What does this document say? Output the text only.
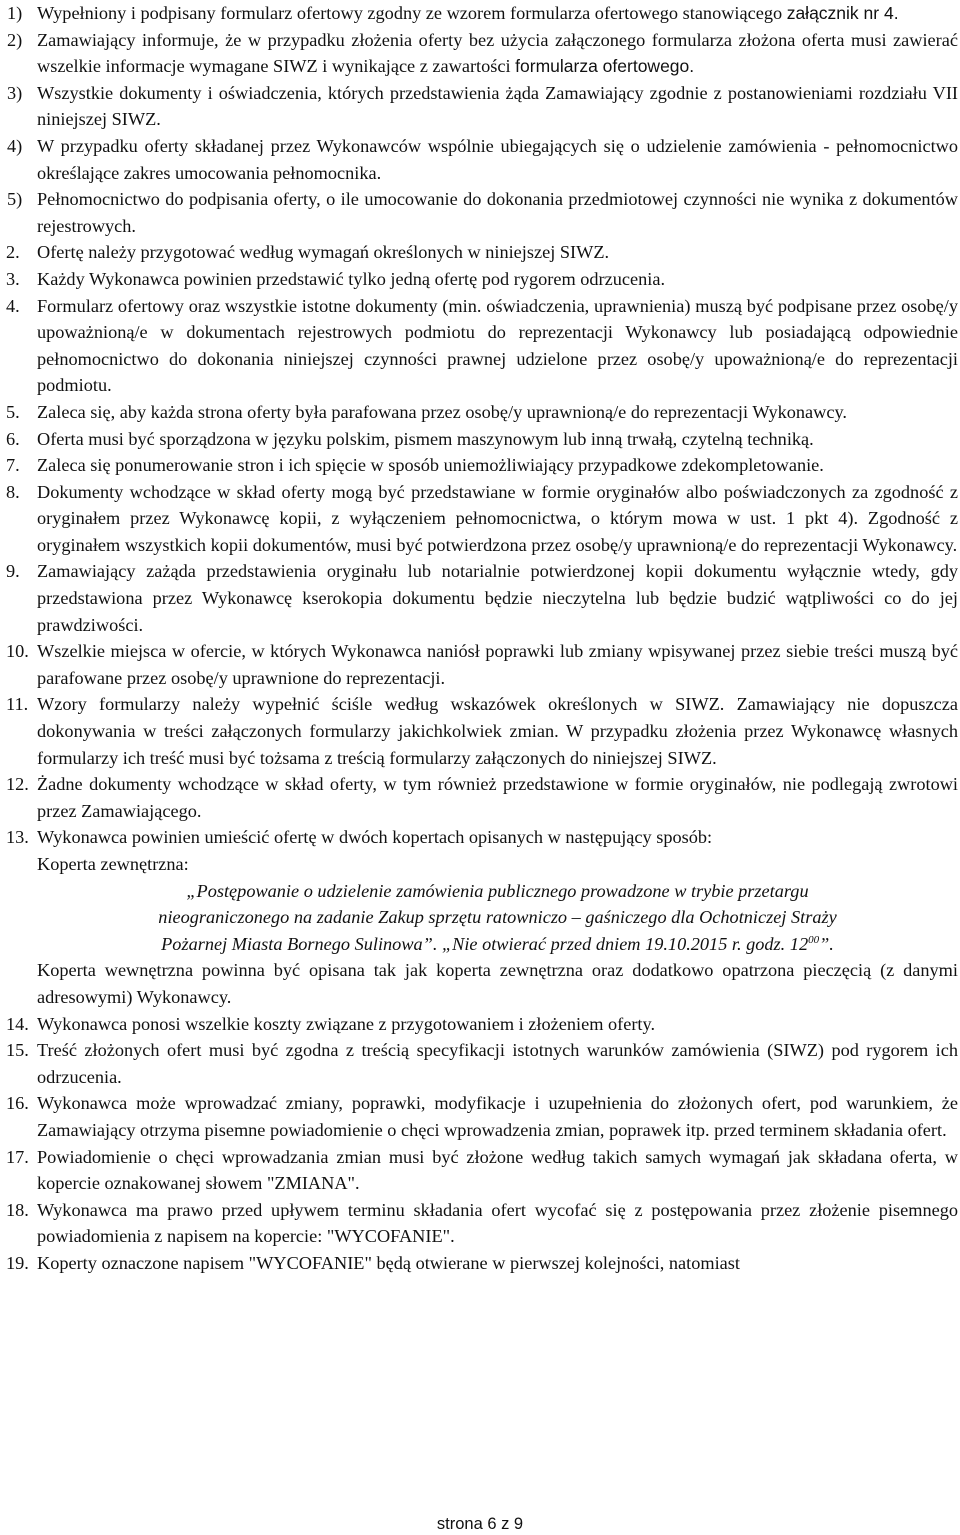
1) Wypełniony i podpisany formularz ofertowy zgodny ze wzorem formularza ofertowego stanowiącego załącznik nr 4.
2) Zamawiający informuje, że w przypadku złożenia oferty bez użycia załączonego formularza złożona oferta musi zawierać wszelkie informacje wymagane SIWZ i wynikające z zawartości formularza ofertowego.
3) Wszystkie dokumenty i oświadczenia, których przedstawienia żąda Zamawiający zgodnie z postanowieniami rozdziału VII niniejszej SIWZ.
4) W przypadku oferty składanej przez Wykonawców wspólnie ubiegających się o udzielenie zamówienia - pełnomocnictwo określające zakres umocowania pełnomocnika.
5) Pełnomocnictwo do podpisania oferty, o ile umocowanie do dokonania przedmiotowej czynności nie wynika z dokumentów rejestrowych.
2. Ofertę należy przygotować według wymagań określonych w niniejszej SIWZ.
3. Każdy Wykonawca powinien przedstawić tylko jedną ofertę pod rygorem odrzucenia.
4. Formularz ofertowy oraz wszystkie istotne dokumenty (min. oświadczenia, uprawnienia) muszą być podpisane przez osobę/y upoważnioną/e w dokumentach rejestrowych podmiotu do reprezentacji Wykonawcy lub posiadającą odpowiednie pełnomocnictwo do dokonania niniejszej czynności prawnej udzielone przez osobę/y upoważnioną/e do reprezentacji podmiotu.
5. Zaleca się, aby każda strona oferty była parafowana przez osobę/y uprawnioną/e do reprezentacji Wykonawcy.
6. Oferta musi być sporządzona w języku polskim, pismem maszynowym lub inną trwałą, czytelną techniką.
7. Zaleca się ponumerowanie stron i ich spięcie w sposób uniemożliwiający przypadkowe zdekompletowanie.
8. Dokumenty wchodzące w skład oferty mogą być przedstawiane w formie oryginałów albo poświadczonych za zgodność z oryginałem przez Wykonawcę kopii, z wyłączeniem pełnomocnictwa, o którym mowa w ust. 1 pkt 4). Zgodność z oryginałem wszystkich kopii dokumentów, musi być potwierdzona przez osobę/y uprawnioną/e do reprezentacji Wykonawcy.
9. Zamawiający zażąda przedstawienia oryginału lub notarialnie potwierdzonej kopii dokumentu wyłącznie wtedy, gdy przedstawiona przez Wykonawcę kserokopia dokumentu będzie nieczytelna lub będzie budzić wątpliwości co do jej prawdziwości.
10. Wszelkie miejsca w ofercie, w których Wykonawca naniósł poprawki lub zmiany wpisywanej przez siebie treści muszą być parafowane przez osobę/y uprawnione do reprezentacji.
11. Wzory formularzy należy wypełnić ściśle według wskazówek określonych w SIWZ. Zamawiający nie dopuszcza dokonywania w treści załączonych formularzy jakichkolwiek zmian. W przypadku złożenia przez Wykonawcę własnych formularzy ich treść musi być tożsama z treścią formularzy załączonych do niniejszej SIWZ.
12. Żadne dokumenty wchodzące w skład oferty, w tym również przedstawione w formie oryginałów, nie podlegają zwrotowi przez Zamawiającego.
13. Wykonawca powinien umieścić ofertę w dwóch kopertach opisanych w następujący sposób:
Koperta zewnętrzna:
„Postępowanie o udzielenie zamówienia publicznego prowadzone w trybie przetargu
nieograniczonego na zadanie Zakup sprzętu ratowniczo – gaśniczego dla Ochotniczej Straży
Pożarnej Miasta Bornego Sulinowa”. „Nie otwierać przed dniem 19.10.2015 r. godz. $12^{00}$”.
Koperta wewnętrzna powinna być opisana tak jak koperta zewnętrzna oraz dodatkowo opatrzona pieczęcią (z danymi adresowymi) Wykonawcy.
14. Wykonawca ponosi wszelkie koszty związane z przygotowaniem i złożeniem oferty.
15. Treść złożonych ofert musi być zgodna z treścią specyfikacji istotnych warunków zamówienia (SIWZ) pod rygorem ich odrzucenia.
16. Wykonawca może wprowadzać zmiany, poprawki, modyfikacje i uzupełnienia do złożonych ofert, pod warunkiem, że Zamawiający otrzyma pisemne powiadomienie o chęci wprowadzenia zmian, poprawek itp. przed terminem składania ofert.
17. Powiadomienie o chęci wprowadzania zmian musi być złożone według takich samych wymagań jak składana oferta, w kopercie oznakowanej słowem "ZMIANA".
18. Wykonawca ma prawo przed upływem terminu składania ofert wycofać się z postępowania przez złożenie pisemnego powiadomienia z napisem na kopercie: "WYCOFANIE".
19. Koperty oznaczone napisem "WYCOFANIE" będą otwierane w pierwszej kolejności, natomiast
strona 6 z 9
